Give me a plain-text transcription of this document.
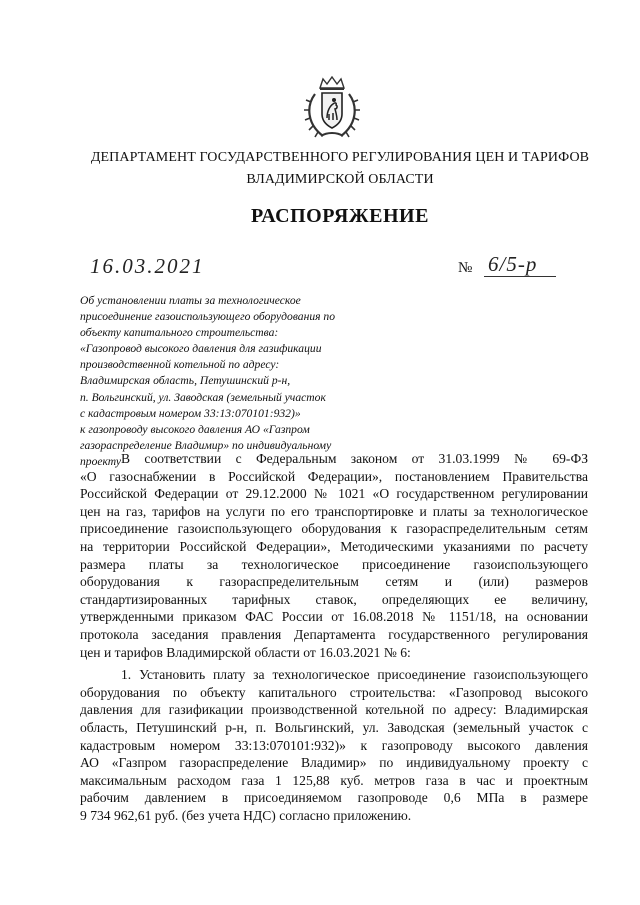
ДЕПАРТАМЕНТ ГОСУДАРСТВЕННОГО РЕГУЛИРОВАНИЯ ЦЕН И ТАРИФОВ
ВЛАДИМИРСКОЙ ОБЛАСТИ
РАСПОРЯЖЕНИЕ
16.03.2021	№ 6/5-р
Об установлении платы за технологическое
присоединение газоиспользующего оборудования по
объекту капитального строительства:
«Газопровод высокого давления для газификации
производственной котельной по адресу:
Владимирская область, Петушинский р-н,
п. Вольгинский, ул. Заводская (земельный участок
с кадастровым номером 33:13:070101:932)»
к газопроводу высокого давления АО «Газпром
газораспределение Владимир» по индивидуальному
проекту В соответствии с Федеральным законом от 31.03.1999 № 69-ФЗ
«О газоснабжении в Российской Федерации», постановлением Правительства
Российской Федерации от 29.12.2000 № 1021 «О государственном регулировании
цен на газ, тарифов на услуги по его транспортировке и платы за технологическое
присоединение газоиспользующего оборудования к газораспределительным сетям
на территории Российской Федерации», Методическими указаниями по расчету
размера платы за технологическое присоединение газоиспользующего
оборудования к газораспределительным сетям и (или) размеров
стандартизированных тарифных ставок, определяющих ее величину,
утвержденными приказом ФАС России от 16.08.2018 № 1151/18, на основании
протокола заседания правления Департамента государственного регулирования
цен и тарифов Владимирской области от 16.03.2021 № 6:
1. Установить плату за технологическое присоединение газоиспользующего
оборудования по объекту капитального строительства: «Газопровод высокого
давления для газификации производственной котельной по адресу: Владимирская
область, Петушинский р-н, п. Вольгинский, ул. Заводская (земельный участок с
кадастровым номером 33:13:070101:932)» к газопроводу высокого давления
АО «Газпром газораспределение Владимир» по индивидуальному проекту с
максимальным расходом газа 1 125,88 куб. метров газа в час и проектным
рабочим давлением в присоединяемом газопроводе 0,6 МПа в размере
9 734 962,61 руб. (без учета НДС) согласно приложению.
